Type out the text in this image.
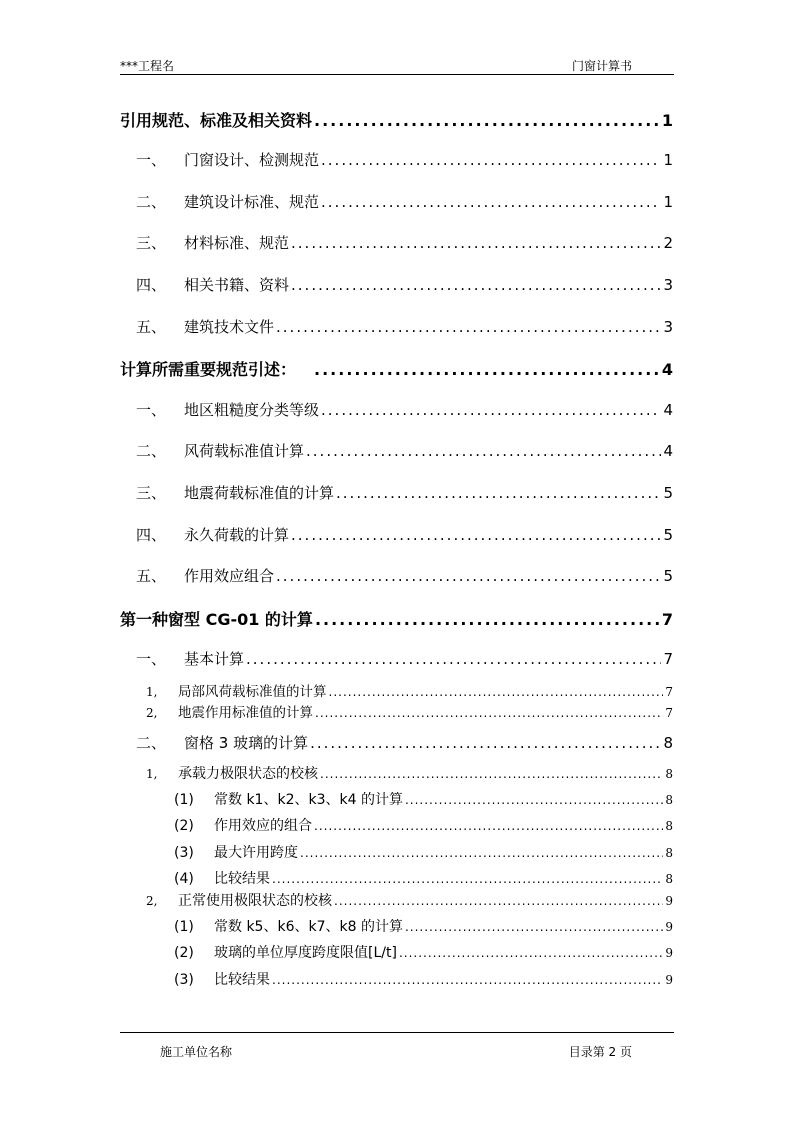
***工程名	门窗计算书
引用规范、标准及相关资料 .....	1
一、	门窗设计、检测规范 .....	1
二、	建筑设计标准、规范 .....	1
三、	材料标准、规范 .....	2
四、	相关书籍、资料 .....	3
五、	建筑技术文件 .....	3
计算所需重要规范引述： .....	4
一、	地区粗糙度分类等级 .....	4
二、	风荷载标准值计算 .....	4
三、	地震荷载标准值的计算 .....	5
四、	永久荷载的计算 .....	5
五、	作用效应组合 .....	5
第一种窗型 CG-01 的计算 .....	7
一、	基本计算 .....	7
1,	局部风荷载标准值的计算 .....	7
2,	地震作用标准值的计算 .....	7
二、	窗格 3 玻璃的计算 .....	8
1,	承载力极限状态的校核 .....	8
(1)	常数 k1、k2、k3、k4 的计算 .....	8
(2)	作用效应的组合 .....	8
(3)	最大许用跨度 .....	8
(4)	比较结果 .....	8
2,	正常使用极限状态的校核 .....	9
(1)	常数 k5、k6、k7、k8 的计算 .....	9
(2)	玻璃的单位厚度跨度限值[L/t] .....	9
(3)	比较结果 .....	9
施工单位名称	目录第 2 页
